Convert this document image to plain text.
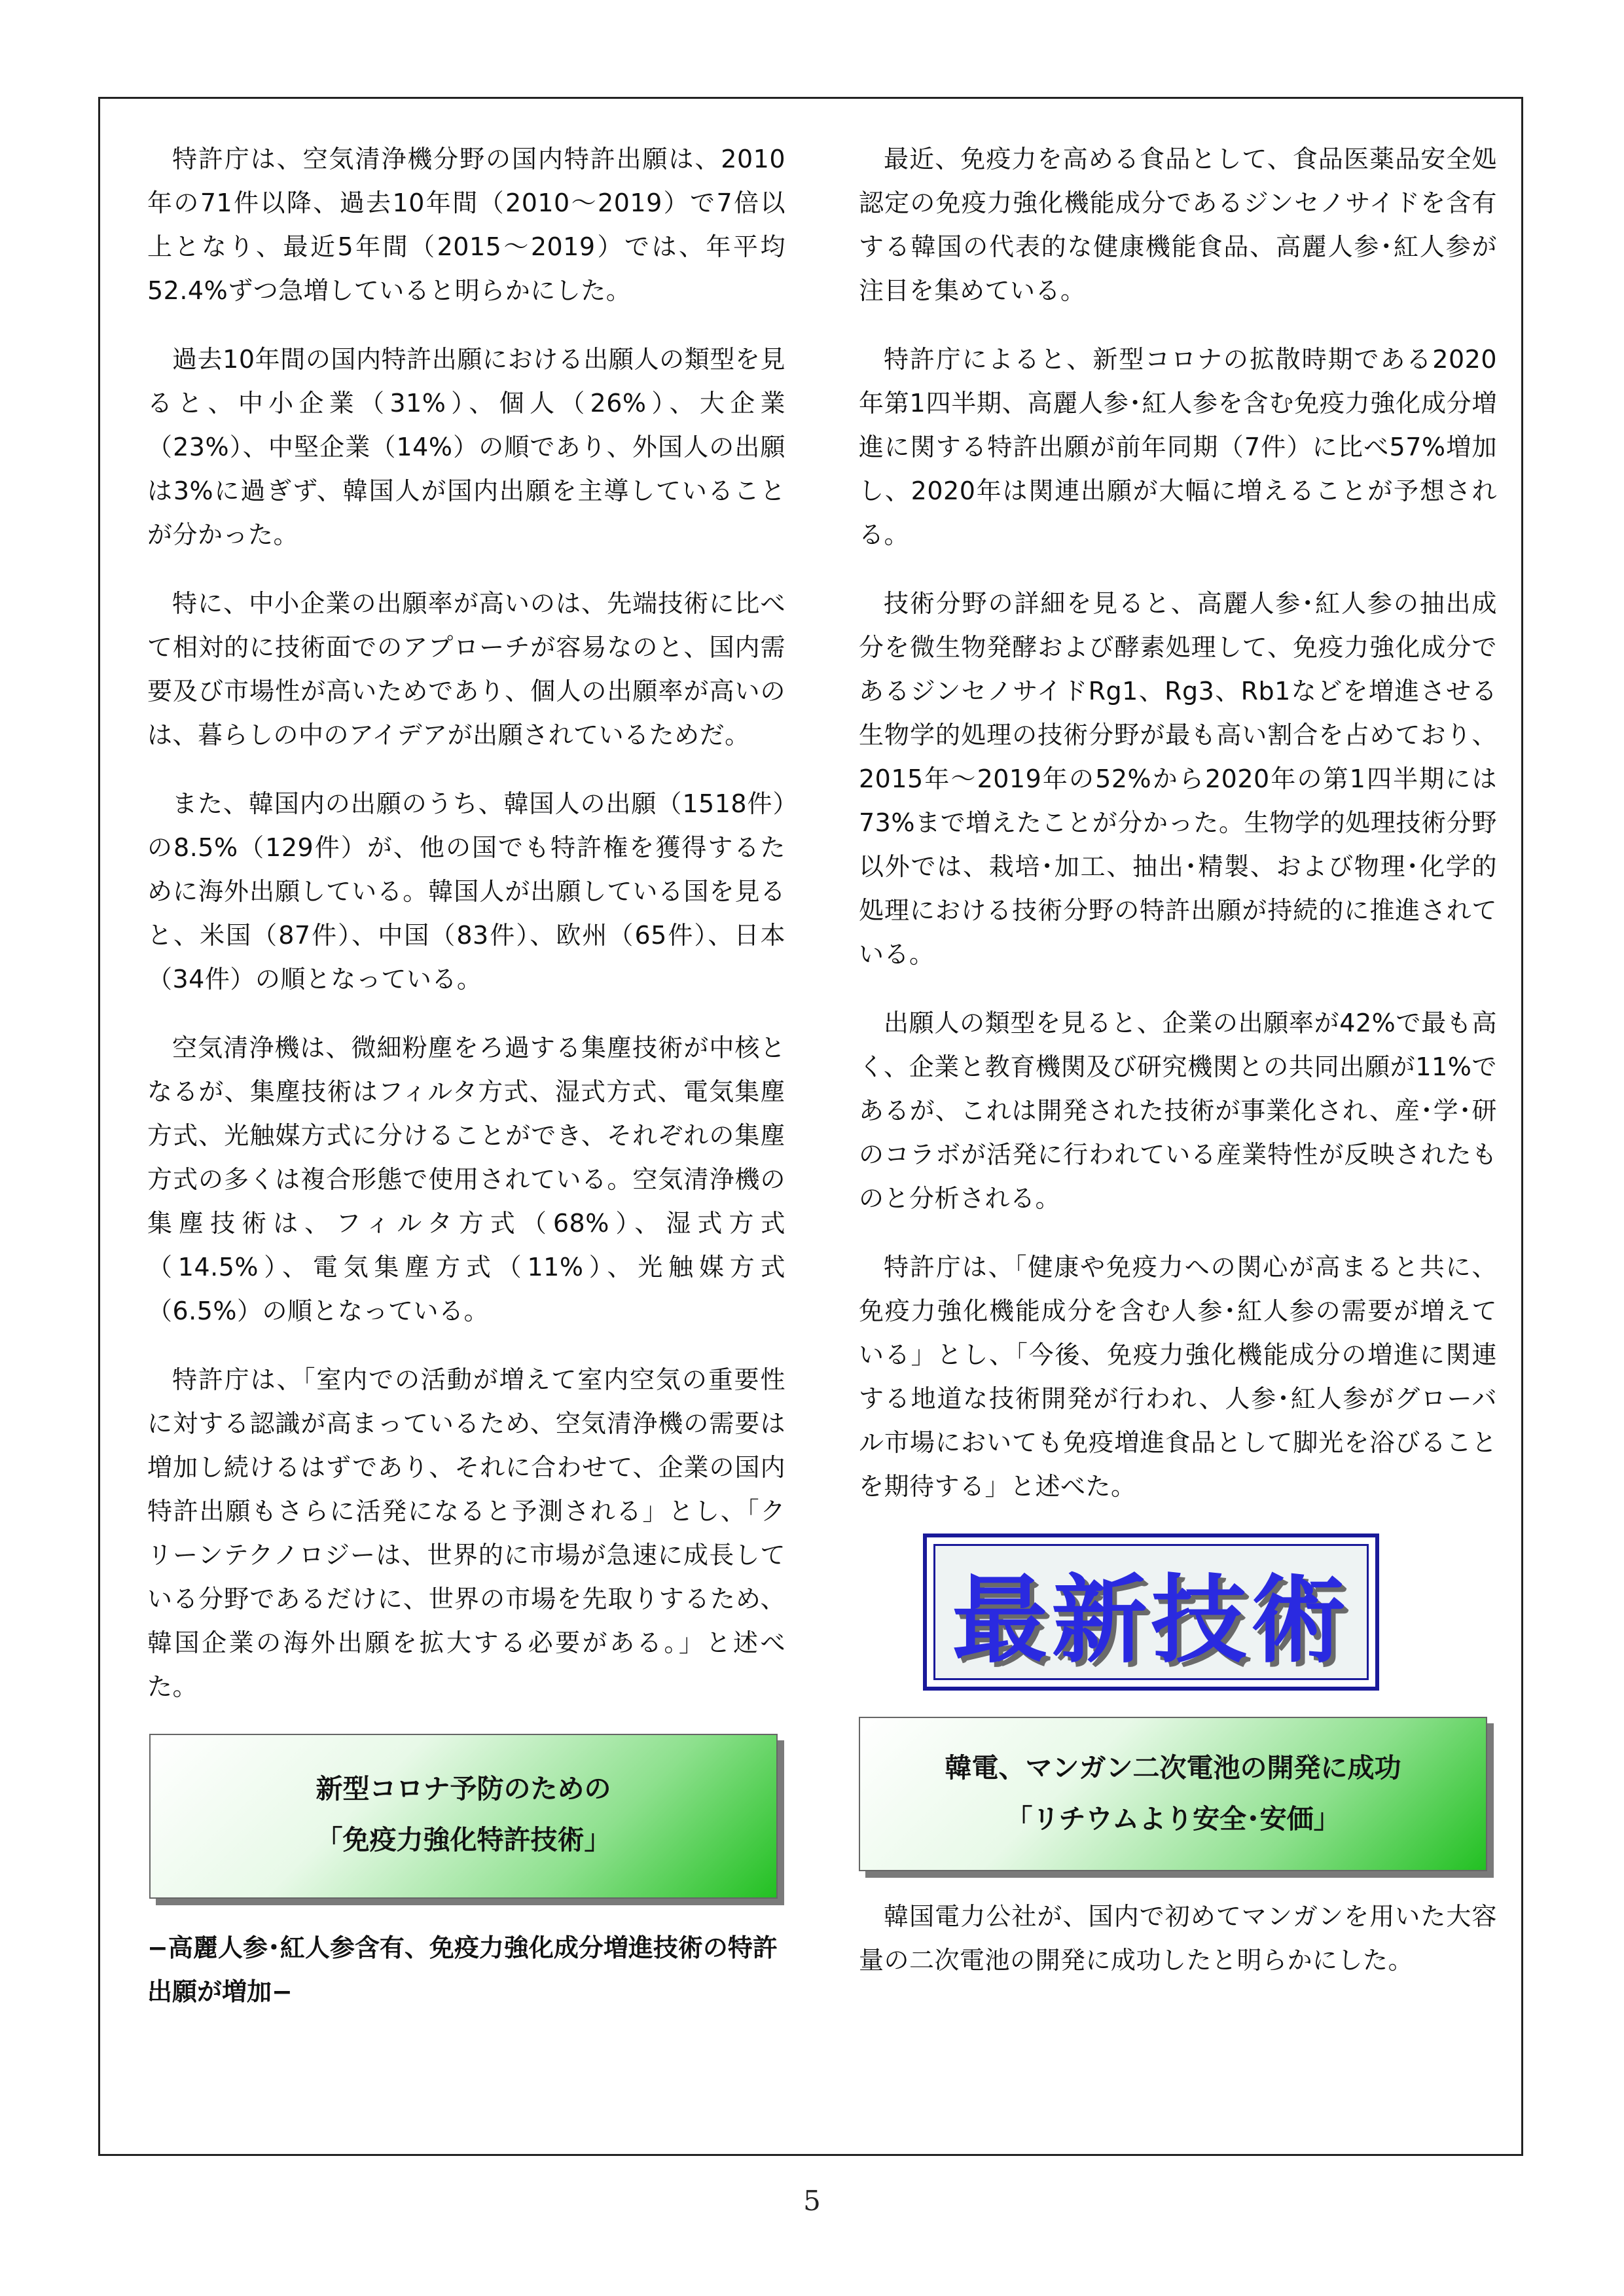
特許庁は、空気清浄機分野の国内特許出願は、2010年の71件以降、過去10年間（2010～2019）で7倍以上となり、最近5年間（2015～2019）では、年平均52.4%ずつ急増していると明らかにした。

過去10年間の国内特許出願における出願人の類型を見ると、中小企業（31%）、個人（26%）、大企業（23%）、中堅企業（14%）の順であり、外国人の出願は3%に過ぎず、韓国人が国内出願を主導していることが分かった。

特に、中小企業の出願率が高いのは、先端技術に比べて相対的に技術面でのアプローチが容易なのと、国内需要及び市場性が高いためであり、個人の出願率が高いのは、暮らしの中のアイデアが出願されているためだ。

また、韓国内の出願のうち、韓国人の出願（1518件）の8.5%（129件）が、他の国でも特許権を獲得するために海外出願している。韓国人が出願している国を見ると、米国（87件）、中国（83件）、欧州（65件）、日本（34件）の順となっている。

空気清浄機は、微細粉塵をろ過する集塵技術が中核となるが、集塵技術はフィルタ方式、湿式方式、電気集塵方式、光触媒方式に分けることができ、それぞれの集塵方式の多くは複合形態で使用されている。空気清浄機の集塵技術は、フィルタ方式（68%）、湿式方式（14.5%）、電気集塵方式（11%）、光触媒方式（6.5%）の順となっている。

特許庁は、「室内での活動が増えて室内空気の重要性に対する認識が高まっているため、空気清浄機の需要は増加し続けるはずであり、それに合わせて、企業の国内特許出願もさらに活発になると予測される」とし、「クリーンテクノロジーは、世界的に市場が急速に成長している分野であるだけに、世界の市場を先取りするため、韓国企業の海外出願を拡大する必要がある。」と述べた。

新型コロナ予防のための
「免疫力強化特許技術」
−高麗人参･紅人参含有、免疫力強化成分増進技術の特許出願が増加−

最近、免疫力を高める食品として、食品医薬品安全処認定の免疫力強化機能成分であるジンセノサイドを含有する韓国の代表的な健康機能食品、高麗人参･紅人参が注目を集めている。

特許庁によると、新型コロナの拡散時期である2020年第1四半期、高麗人参･紅人参を含む免疫力強化成分増進に関する特許出願が前年同期（7件）に比べ57%増加し、2020年は関連出願が大幅に増えることが予想される。

技術分野の詳細を見ると、高麗人参･紅人参の抽出成分を微生物発酵および酵素処理して、免疫力強化成分であるジンセノサイドRg1、Rg3、Rb1などを増進させる生物学的処理の技術分野が最も高い割合を占めており、2015年～2019年の52%から2020年の第1四半期には73%まで増えたことが分かった。生物学的処理技術分野以外では、栽培･加工、抽出･精製、および物理･化学的処理における技術分野の特許出願が持続的に推進されている。

出願人の類型を見ると、企業の出願率が42%で最も高く、企業と教育機関及び研究機関との共同出願が11%であるが、これは開発された技術が事業化され、産･学･研のコラボが活発に行われている産業特性が反映されたものと分析される。

特許庁は、「健康や免疫力への関心が高まると共に、免疫力強化機能成分を含む人参･紅人参の需要が増えている」とし、「今後、免疫力強化機能成分の増進に関連する地道な技術開発が行われ、人参･紅人参がグローバル市場においても免疫増進食品として脚光を浴びることを期待する」と述べた。

最新技術
韓電、マンガン二次電池の開発に成功
「リチウムより安全･安価」

韓国電力公社が、国内で初めてマンガンを用いた大容量の二次電池の開発に成功したと明らかにした。

5
